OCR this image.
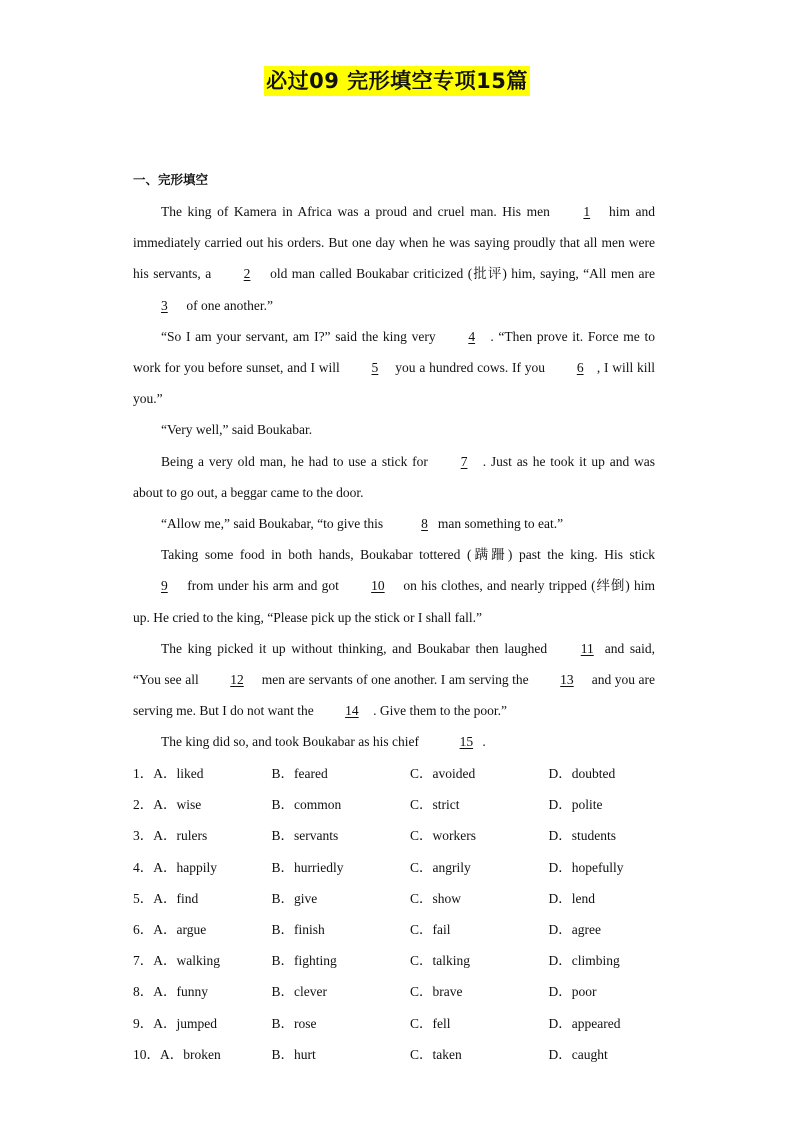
必过09 完形填空专项15篇
一、完形填空

The king of Kamera in Africa was a proud and cruel man. His men 1 him and immediately carried out his orders. But one day when he was saying proudly that all men were his servants, a 2 old man called Boukabar criticized (批评) him, saying, “All men are 3 of one another.”

“So I am your servant, am I?” said the king very 4 . “Then prove it. Force me to work for you before sunset, and I will 5 you a hundred cows. If you 6 , I will kill you.”

“Very well,” said Boukabar.

Being a very old man, he had to use a stick for 7 . Just as he took it up and was about to go out, a beggar came to the door.

“Allow me,” said Boukabar, “to give this	8 man something to eat.”

Taking some food in both hands, Boukabar tottered (蹒跚) past the king. His stick 9 from under his arm and got 10 on his clothes, and nearly tripped (绊倒) him up. He cried to the king, “Please pick up the stick or I shall fall.”

The king picked it up without thinking, and Boukabar then laughed 11 and said, “You see all 12 men are servants of one another. I am serving the 13 and you are serving me. But I do not want the 14 . Give them to the poor.”

The king did so, and took Boukabar as his chief	15 .

1．A．liked	B．feared	C．avoided	D．doubted
2．A．wise	B．common	C．strict	D．polite
3．A．rulers	B．servants	C．workers	D．students
4．A．happily	B．hurriedly	C．angrily	D．hopefully
5．A．find	B．give	C．show	D．lend
6．A．argue	B．finish	C．fail	D．agree
7．A．walking	B．fighting	C．talking	D．climbing
8．A．funny	B．clever	C．brave	D．poor
9．A．jumped	B．rose	C．fell	D．appeared
10．A．broken	B．hurt	C．taken	D．caught
